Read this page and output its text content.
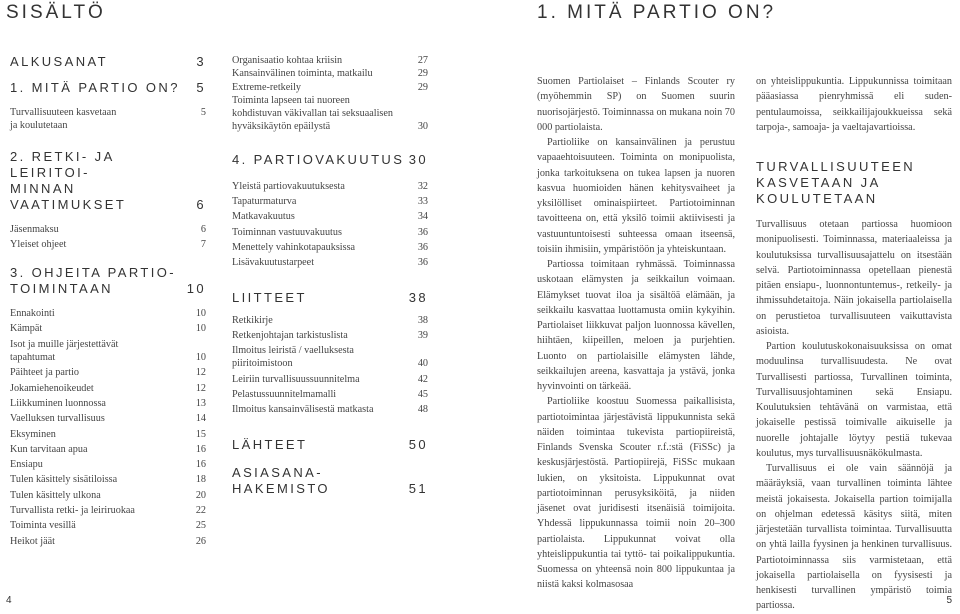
SISÄLTÖ	1. MITÄ PARTIO ON?
ALKUSANAT	3
1. MITÄ PARTIO ON? 5
Turvallisuuteen kasvetaan
ja koulutetaan
5
2. RETKI- JA LEIRITOI-
MINNAN VAATIMUKSET	6
Jäsenmaksu	6
Yleiset ohjeet	7
3. OHJEITA PARTIO-
TOIMINTAAN	10
Ennakointi	10
Kämpät	10
Isot ja muille järjestettävät
tapahtumat	10
Päihteet ja partio	12
Jokamiehenoikeudet	12
Liikkuminen luonnossa	13
Vaelluksen turvallisuus	14
Eksyminen	15
Kun tarvitaan apua	16
Ensiapu	16
Tulen käsittely sisätiloissa	18
Tulen käsittely ulkona	20
Turvallista retki- ja leiriruokaa	22
Toiminta vesillä	25
Heikot jäät	26
Organisaatio kohtaa kriisin	27
Kansainvälinen toiminta, matkailu	29
Extreme-retkeily	29
Toiminta lapseen tai nuoreen
kohdistuvan väkivallan tai seksuaalisen
hyväksikäytön epäilystä	30
4. PARTIOVAKUUTUS 30
Yleistä partiovakuutuksesta	32
Tapaturmaturva	33
Matkavakuutus	34
Toiminnan vastuuvakuutus	36
Menettely vahinkotapauksissa	36
Lisävakuutustarpeet	36
LIITTEET	38
Retkikirje	38
Retkenjohtajan tarkistuslista	39
Ilmoitus leiristä / vaelluksesta
piiritoimistoon	40
Leiriin turvallisuussuunnitelma	42
Pelastussuunnitelmamalli	45
Ilmoitus kansainvälisestä matkasta	48
LÄHTEET	50
ASIASANA-
HAKEMISTO	51

Suomen Partiolaiset – Finlands Scouter ry (myöhemmin SP) on Suomen suurin nuorisojärjestö. Toiminnassa on mukana noin 70 000 partiolaista.

Partioliike on kansainvälinen ja perustuu vapaaehtoisuuteen. Toiminta on monipuolista, jonka tarkoituksena on tukea lapsen ja nuoren kasvua huomioiden hänen kehitysvaiheet ja yksilölliset ominaispiirteet. Partiotoiminnan tavoitteena on, että yksilö toimii aktiivisesti ja vastuuntuntoisesti suhteessa omaan itseensä, toisiin ihmisiin, ympäristöön ja yhteiskuntaan.

Partiossa toimitaan ryhmässä. Toiminnassa uskotaan elämysten ja seikkailun voimaan. Elämykset tuovat iloa ja sisältöä elämään, ja seikkailu kasvattaa luottamusta omiin kykyihin. Partiolaiset liikkuvat paljon luonnossa kävellen, hiihtäen, kiipeillen, meloen ja purjehtien. Luonto on partiolaisille elämysten lähde, seikkailujen areena, kasvattaja ja ystävä, jonka hyvinvointi on tärkeää.

Partioliike koostuu Suomessa paikallisista, partiotoimintaa järjestävistä lippukunnista sekä näiden toimintaa tukevista partiopiireistä, Finlands Svenska Scouter r.f.:stä (FiSSc) ja keskusjärjestöstä. Partiopiirejä, FiSSc mukaan lukien, on yksitoista. Lippukunnat ovat partiotoiminnan perusyksiköitä, ja niiden jäsenet ovat juridisesti itsenäisiä toimijoita. Yhdessä lippukunnassa toimii noin 20–300 partiolaista. Lippukunnat voivat olla yhteislippukuntia tai tyttö- tai poikalippukuntia. Suomessa on yhteensä noin 800 lippukuntaa ja niistä kaksi kolmasosaa

on yhteislippukuntia. Lippukunnissa toimitaan pääasiassa pienryhmissä eli suden-pentulaumoissa, seikkailijajoukkueissa sekä tarpoja-, samoaja- ja vaeltajavartioissa.

TURVALLISUUTEEN
KASVETAAN JA
KOULUTETAAN

Turvallisuus otetaan partiossa huomioon monipuolisesti. Toiminnassa, materiaaleissa ja koulutuksissa turvallisuusajattelu on itsestään selvä. Partiotoiminnassa opetellaan pienestä pitäen ensiapu-, luonnontuntemus-, retkeily- ja ihmissuhdetaitoja. Näin jokaisella partiolaisella on perustietoa turvallisuuteen vaikuttavista asioista.

Partion koulutuskokonaisuuksissa on omat moduulinsa turvallisuudesta. Ne ovat Turvallisesti partiossa, Turvallinen toiminta, Turvallisuusjohtaminen sekä Ensiapu. Koulutuksien tehtävänä on varmistaa, että jokaiselle pestissä toimivalle aikuiselle ja nuorelle johtajalle löytyy pestiä tukevaa koulutus, mys turvallisuusnäkökulmasta.

Turvallisuus ei ole vain säännöjä ja määräyksiä, vaan turvallinen toiminta lähtee meistä jokaisesta. Jokaisella partion toimijalla on ohjelman edetessä käsitys siitä, miten järjestetään turvallista toimintaa. Turvallisuutta on yhtä lailla fyysinen ja henkinen turvallisuus. Partiotoiminnassa siis varmistetaan, että jokaisella partiolaisella on fyysisesti ja henkisesti turvallinen ympäristö toimia partiossa.

4	5
